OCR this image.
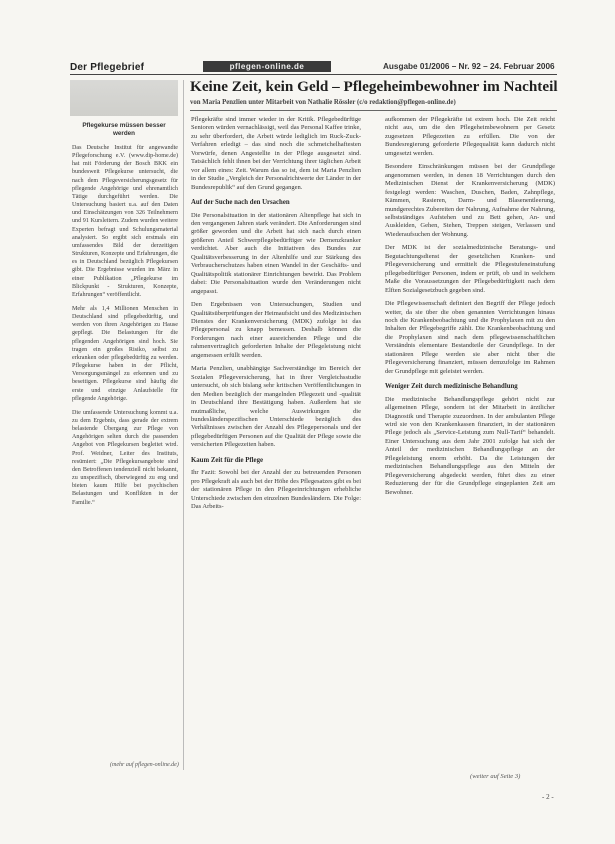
Der Pflegebrief	pflegen-online.de	Ausgabe 01/2006 – Nr. 92 – 24. Februar 2006
Pflegekurse müssen besser werden

Das Deutsche Institut für angewandte Pflegeforschung e.V. (www.dip-home.de) hat mit Förderung der Bosch BKK ein bundesweit Pflegekurse untersucht, die nach dem Pflegeversicherungsgesetz für pflegende Angehörige und ehrenamtlich Tätige durchgeführt werden. Die Untersuchung basiert u.a. auf den Daten und Einschätzungen von 326 Teilnehmern und 91 Kursleitern. Zudem wurden weitere Experten befragt und Schulungsmaterial analysiert. So ergibt sich erstmals ein umfassendes Bild der derzeitigen Strukturen, Konzepte und Erfahrungen, die es in Deutschland bezüglich Pflegekursen gibt. Die Ergebnisse wurden im März in einer Publikation „Pflegekurse im Blickpunkt - Strukturen, Konzepte, Erfahrungen“ veröffentlicht.

Mehr als 1,4 Millionen Menschen in Deutschland sind pflegebedürftig, und werden von ihren Angehörigen zu Hause gepflegt. Die Belastungen für die pflegenden Angehörigen sind hoch. Sie tragen ein großes Risiko, selbst zu erkranken oder pflegebedürftig zu werden. Pflegekurse haben in der Pflicht, Versorgungsmängel zu erkennen und zu beseitigen. Pflegekurse sind häufig die erste und einzige Anlaufstelle für pflegende Angehörige.

Die umfassende Untersuchung kommt u.a. zu dem Ergebnis, dass gerade der extrem belastende Übergang zur Pflege von Angehörigen selten durch die passenden Angebot von Pflegekursen begleitet wird. Prof. Weidner, Leiter des Instituts, resümiert: „Die Pflegekursangebote sind den Betroffenen tendenziell nicht bekannt, zu unspezifisch, überwiegend zu eng und bieten kaum Hilfe bei psychischen Belastungen und Konflikten in der Familie.“

(mehr auf pflegen-online.de)
Keine Zeit, kein Geld – Pflegeheimbewohner im Nachteil
von Maria Penzlien unter Mitarbeit von Nathalie Rössler (c/o redaktion@pflegen-online.de)

Pflegekräfte sind immer wieder in der Kritik. Pflegebedürftige Senioren würden vernachlässigt, weil das Personal Kaffee trinke, zu sehr überfordert, die Arbeit würde lediglich im Ruck-Zuck-Verfahren erledigt – das sind noch die schmeichelhaftesten Vorwürfe, denen Angestellte in der Pflege ausgesetzt sind. Tatsächlich fehlt ihnen bei der Verrichtung ihrer täglichen Arbeit vor allem eines: Zeit. Warum das so ist, dem ist Maria Penzlien in der Studie „Vergleich der Personalrichtwerte der Länder in der Bundesrepublik“ auf den Grund gegangen.

Auf der Suche nach den Ursachen

Die Personalsituation in der stationären Altenpflege hat sich in den vergangenen Jahren stark verändert. Die Anforderungen sind größer geworden und die Arbeit hat sich nach durch einen größeren Anteil Schwerpflegebedürftiger wie Demenzkranker verdichtet. Aber auch die Initiativen des Bundes zur Qualitätsverbesserung in der Altenhilfe und zur Stärkung des Verbraucherschutzes haben einen Wandel in der Geschäfts- und Qualitätspolitik stationärer Einrichtungen bewirkt. Das Problem dabei: Die Personalsituation wurde den Veränderungen nicht angepasst.

Den Ergebnissen von Untersuchungen, Studien und Qualitätsüberprüfungen der Heimaufsicht und des Medizinischen Dienstes der Krankenversicherung (MDK) zufolge ist das Pflegepersonal zu knapp bemessen. Deshalb können die Forderungen nach einer ausreichenden Pflege und die rahmenvertraglich geforderten Inhalte der Pflegeleistung nicht angemessen erfüllt werden.

Maria Penzlien, unabhängige Sachverständige im Bereich der Sozialen Pflegeversicherung, hat in ihrer Vergleichsstudie untersucht, ob sich bislang sehr kritischen Veröffentlichungen in den Medien bezüglich der mangelnden Pflegezeit und -qualität in Deutschland ihre Bestätigung haben. Außerdem hat sie mutmaßliche, welche Auswirkungen die bundesländerspezifischen Unterschiede bezüglich des Verhältnisses zwischen der Anzahl des Pflegepersonals und der pflegebedürftigen Personen auf die Qualität der Pflege sowie die versicherten Pflegezeiten haben.

Kaum Zeit für die Pflege

Ihr Fazit: Sowohl bei der Anzahl der zu betreuenden Personen pro Pflegekraft als auch bei der Höhe des Pflegesatzes gibt es bei der stationären Pflege in den Pflegeeinrichtungen erhebliche Unterschiede zwischen den einzelnen Bundesländern. Die Folge: Das Arbeits-

aufkommen der Pflegekräfte ist extrem hoch. Die Zeit reicht nicht aus, um die den Pflegeheimbewohnern per Gesetz zugesetzen Pflegezeiten zu erfüllen. Die von der Bundesregierung geforderte Pflegequalität kann dadurch nicht umgesetzt werden.

Besondere Einschränkungen müssen bei der Grundpflege angenommen werden, in denen 18 Verrichtungen durch den Medizinischen Dienst der Krankenversicherung (MDK) festgelegt werden: Waschen, Duschen, Baden, Zahnpflege, Kämmen, Rasieren, Darm- und Blasenentleerung, mundgerechtes Zubereiten der Nahrung, Aufnahme der Nahrung, selbstständiges Aufstehen und zu Bett gehen, An- und Auskleiden, Gehen, Stehen, Treppen steigen, Verlassen und Wiederaufsuchen der Wohnung.

Der MDK ist der sozialmedizinische Beratungs- und Begutachtungsdienst der gesetzlichen Kranken- und Pflegeversicherung und ermittelt die Pflegestufeneinstufung pflegebedürftiger Personen, indem er prüft, ob und in welchem Maße die Voraussetzungen der Pflegebedürftigkeit nach dem Elften Sozialgesetzbuch gegeben sind.

Die Pflegewissenschaft definiert den Begriff der Pflege jedoch weiter, da sie über die oben genannten Verrichtungen hinaus noch die Krankenbeobachtung und die Prophylaxen mit zu den Inhalten der Pflegebegriffe zählt. Die Krankenbeobachtung und die Prophylaxen sind nach dem pflegewissenschaftlichen Verständnis elementare Bestandteile der Grundpflege. In der stationären Pflege werden sie aber nicht über die Pflegeversicherung finanziert, müssen demzufolge im Rahmen der Grundpflege mit geleistet werden.

Weniger Zeit durch medizinische Behandlung

Die medizinische Behandlungspflege gehört nicht zur allgemeinen Pflege, sondern ist der Mitarbeit in ärztlicher Diagnostik und Therapie zuzuordnen. In der ambulanten Pflege wird sie von den Krankenkassen finanziert, in der stationären Pflege jedoch als „Service-Leistung zum Null-Tarif“ behandelt. Einer Untersuchung aus dem Jahr 2001 zufolge hat sich der Anteil der medizinischen Behandlungspflege an der Pflegeleistung enorm erhöht. Da die Leistungen der medizinischen Behandlungspflege aus den Mitteln der Pflegeversicherung abgedeckt werden, führt dies zu einer Reduzierung der für die Grundpflege eingeplanten Zeit am Bewohner.

(weiter auf Seite 3)
- 2 -
